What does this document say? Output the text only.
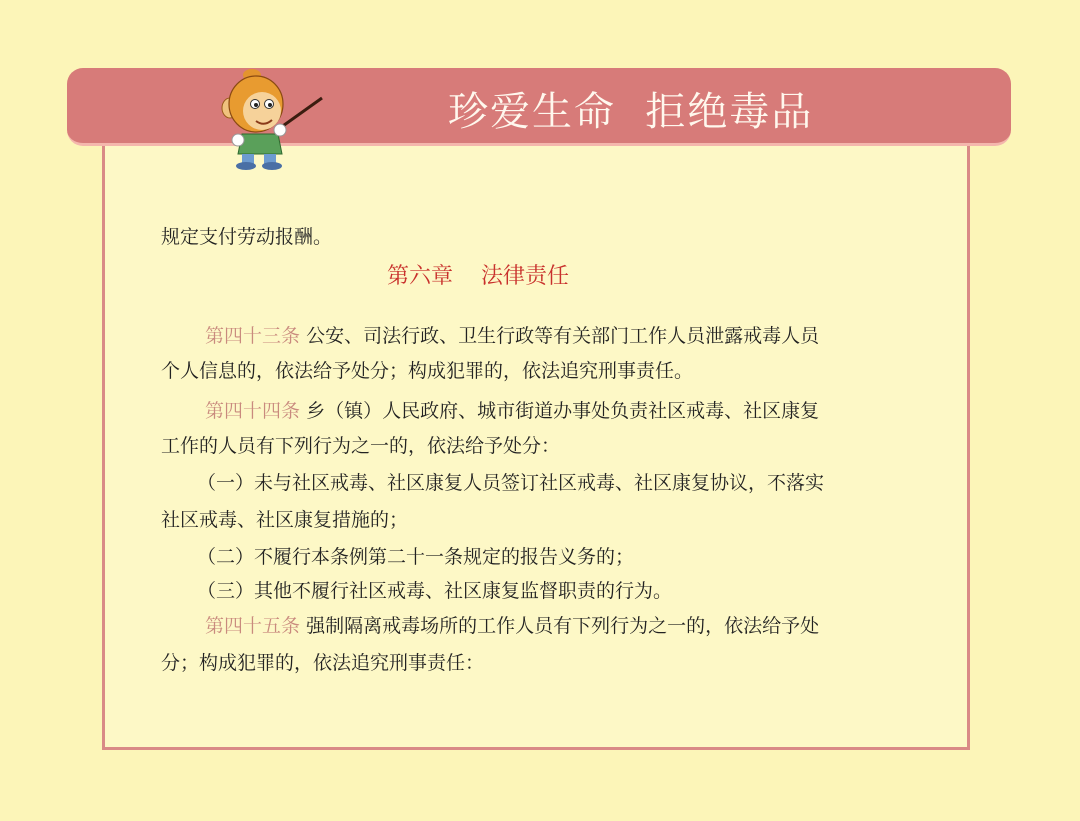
珍爱生命  拒绝毒品
规定支付劳动报酬。
第六章    法律责任
第四十三条 公安、司法行政、卫生行政等有关部门工作人员泄露戒毒人员
个人信息的，依法给予处分；构成犯罪的，依法追究刑事责任。
第四十四条 乡（镇）人民政府、城市街道办事处负责社区戒毒、社区康复
工作的人员有下列行为之一的，依法给予处分：
（一）未与社区戒毒、社区康复人员签订社区戒毒、社区康复协议，不落实
社区戒毒、社区康复措施的；
（二）不履行本条例第二十一条规定的报告义务的；
（三）其他不履行社区戒毒、社区康复监督职责的行为。
第四十五条 强制隔离戒毒场所的工作人员有下列行为之一的，依法给予处
分；构成犯罪的，依法追究刑事责任：
